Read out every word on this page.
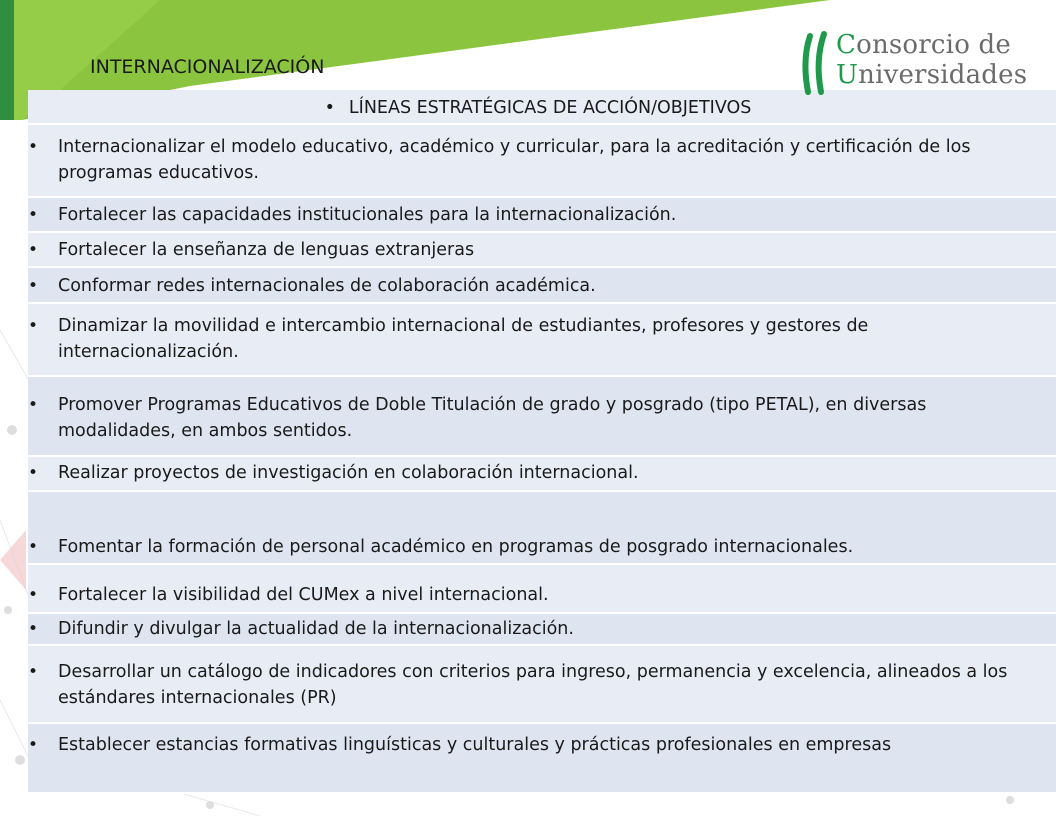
INTERNACIONALIZACIÓN
Consorcio de
Universidades
• LÍNEAS ESTRATÉGICAS DE ACCIÓN/OBJETIVOS
• Internacionalizar el modelo educativo, académico y curricular, para la acreditación y certificación de los programas educativos.
• Fortalecer las capacidades institucionales para la internacionalización.
• Fortalecer la enseñanza de lenguas extranjeras
• Conformar redes internacionales de colaboración académica.
• Dinamizar la movilidad e intercambio internacional de estudiantes, profesores y gestores de internacionalización.
• Promover Programas Educativos de Doble Titulación de grado y posgrado (tipo PETAL), en diversas modalidades, en ambos sentidos.
• Realizar proyectos de investigación en colaboración internacional.
• Fomentar la formación de personal académico en programas de posgrado internacionales.
• Fortalecer la visibilidad del CUMex a nivel internacional.
• Difundir y divulgar la actualidad de la internacionalización.
• Desarrollar un catálogo de indicadores con criterios para ingreso, permanencia y excelencia, alineados a los estándares internacionales (PR)
• Establecer estancias formativas linguísticas y culturales y prácticas profesionales en empresas
